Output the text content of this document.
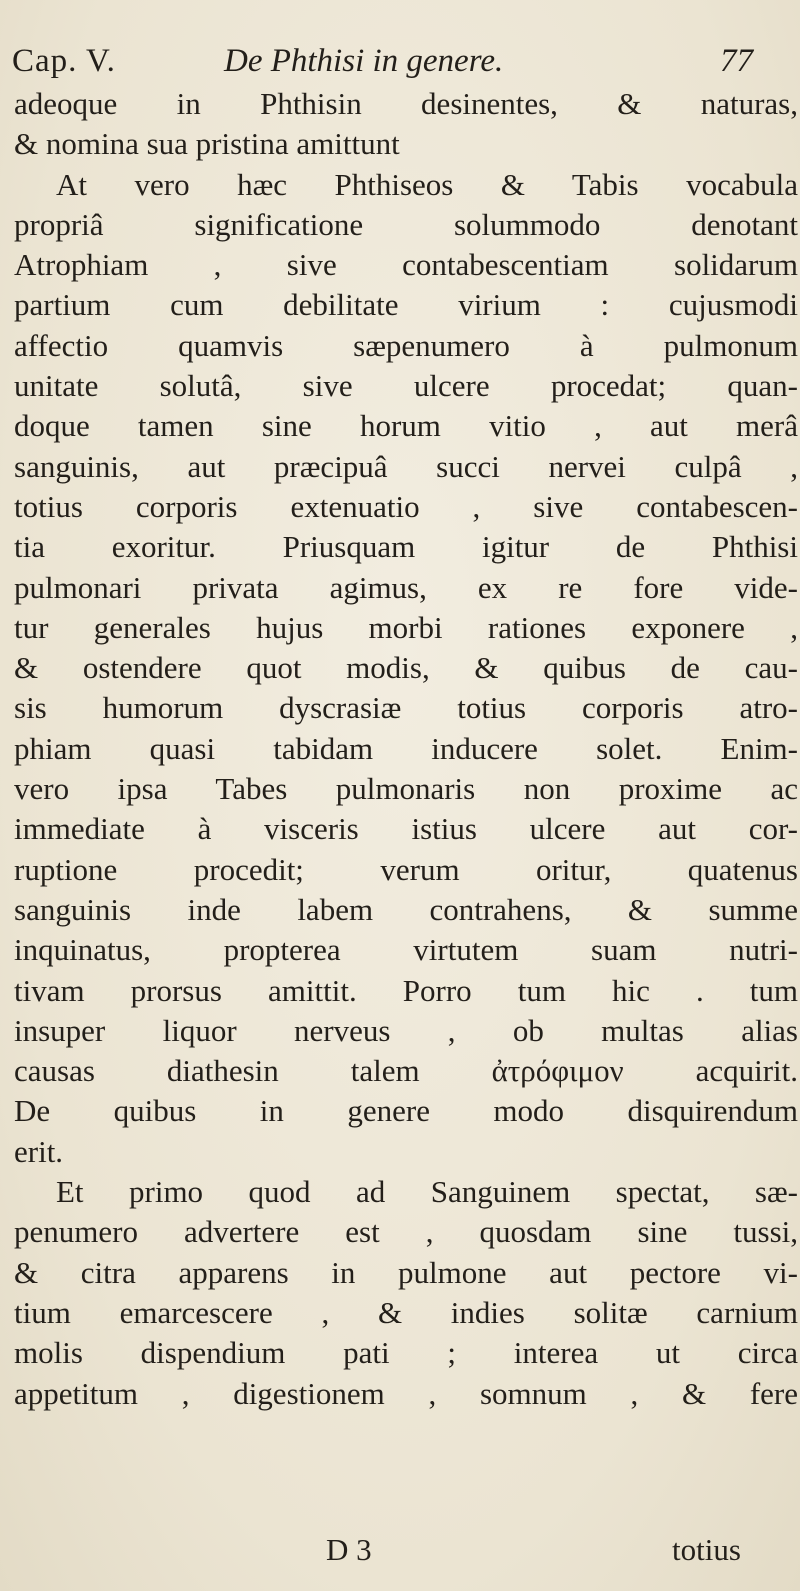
Cap. V.	De Phthisi in genere.	77
adeoque in Phthisin desinentes, & naturas,
& nomina sua pristina amittunt
At vero hæc Phthiseos & Tabis vocabula
propriâ significatione solummodo denotant
Atrophiam , sive contabescentiam solidarum
partium cum debilitate virium : cujusmodi
affectio quamvis sæpenumero à pulmonum
unitate solutâ, sive ulcere procedat; quan-
doque tamen sine horum vitio , aut merâ
sanguinis, aut præcipuâ succi nervei culpâ ,
totius corporis extenuatio , sive contabescen-
tia exoritur. Priusquam igitur de Phthisi
pulmonari privata agimus, ex re fore vide-
tur generales hujus morbi rationes exponere ,
& ostendere quot modis, & quibus de cau-
sis humorum dyscrasiæ totius corporis atro-
phiam quasi tabidam inducere solet. Enim-
vero ipsa Tabes pulmonaris non proxime ac
immediate à visceris istius ulcere aut cor-
ruptione procedit; verum oritur, quatenus
sanguinis inde labem contrahens, & summe
inquinatus, propterea virtutem suam nutri-
tivam prorsus amittit. Porro tum hic . tum
insuper liquor nerveus , ob multas alias
causas diathesin talem ἀτρόφιμον acquirit.
De quibus in genere modo disquirendum
erit.
Et primo quod ad Sanguinem spectat, sæ-
penumero advertere est , quosdam sine tussi,
& citra apparens in pulmone aut pectore vi-
tium emarcescere , & indies solitæ carnium
molis dispendium pati ; interea ut circa
appetitum , digestionem , somnum , & fere
D 3	totius
